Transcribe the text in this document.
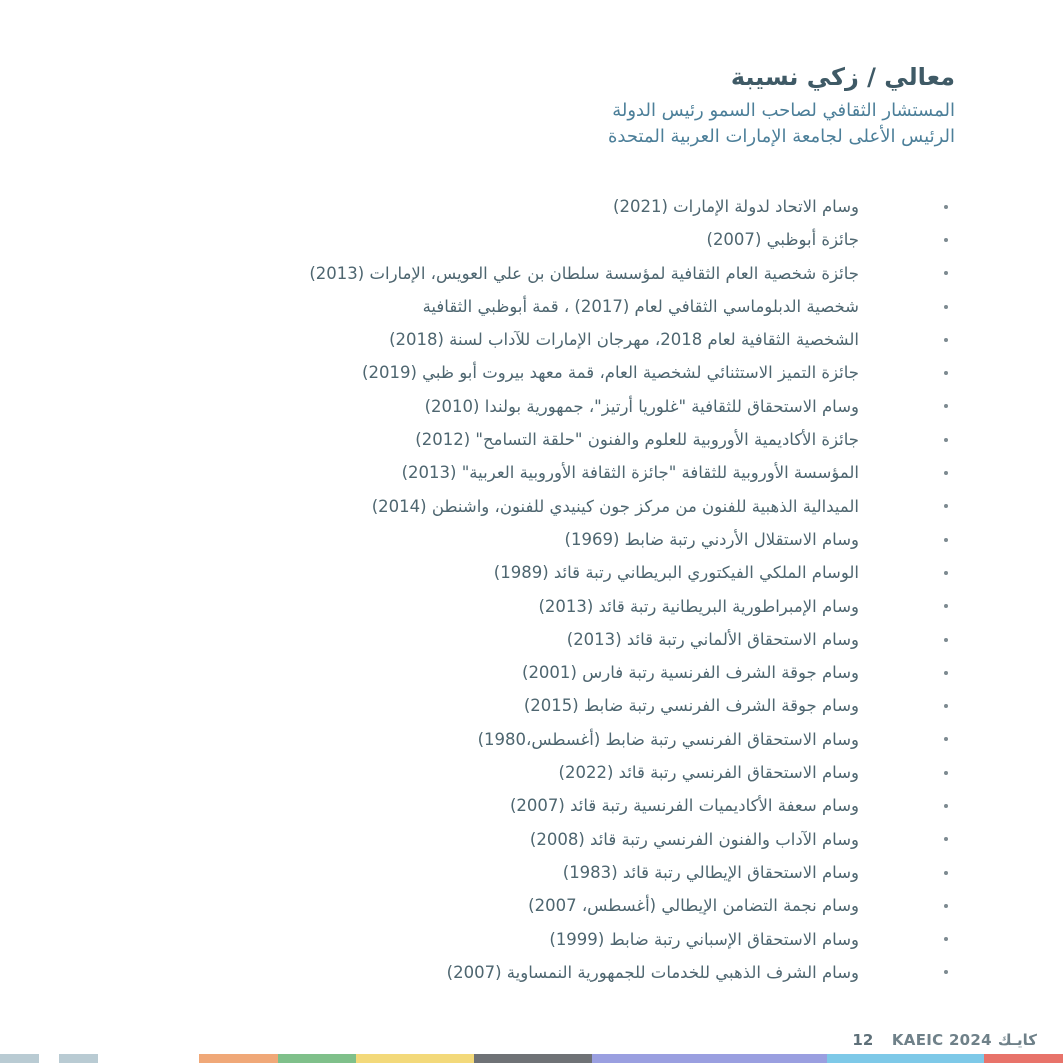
معالي / زكي نسيبة
المستشار الثقافي لصاحب السمو رئيس الدولة
الرئيس الأعلى لجامعة الإمارات العربية المتحدة
وسام الاتحاد لدولة الإمارات (2021)
جائزة أبوظبي (2007)
جائزة شخصية العام الثقافية لمؤسسة سلطان بن علي العويس، الإمارات (2013)
شخصية الدبلوماسي الثقافي لعام (2017) ، قمة أبوظبي الثقافية
الشخصية الثقافية لعام 2018، مهرجان الإمارات للآداب لسنة (2018)
جائزة التميز الاستثنائي لشخصية العام، قمة معهد بيروت أبو ظبي (2019)
وسام الاستحقاق للثقافية "غلوريا أرتيز"، جمهورية بولندا (2010)
جائزة الأكاديمية الأوروبية للعلوم والفنون "حلقة التسامح" (2012)
المؤسسة الأوروبية للثقافة "جائزة الثقافة الأوروبية العربية" (2013)
الميدالية الذهبية للفنون من مركز جون كينيدي للفنون، واشنطن (2014)
وسام الاستقلال الأردني رتبة ضابط (1969)
الوسام الملكي الفيكتوري البريطاني رتبة قائد (1989)
وسام الإمبراطورية البريطانية رتبة قائد (2013)
وسام الاستحقاق الألماني رتبة قائد (2013)
وسام جوقة الشرف الفرنسية رتبة فارس (2001)
وسام جوقة الشرف الفرنسي رتبة ضابط (2015)
وسام الاستحقاق الفرنسي رتبة ضابط (أغسطس،1980)
وسام الاستحقاق الفرنسي رتبة قائد (2022)
وسام سعفة الأكاديميات الفرنسية رتبة قائد (2007)
وسام الآداب والفنون الفرنسي رتبة قائد (2008)
وسام الاستحقاق الإيطالي رتبة قائد (1983)
وسام نجمة التضامن الإيطالي (أغسطس، 2007)
وسام الاستحقاق الإسباني رتبة ضابط (1999)
وسام الشرف الذهبي للخدمات للجمهورية النمساوية (2007)
كايـك
KAEIC 2024
12
